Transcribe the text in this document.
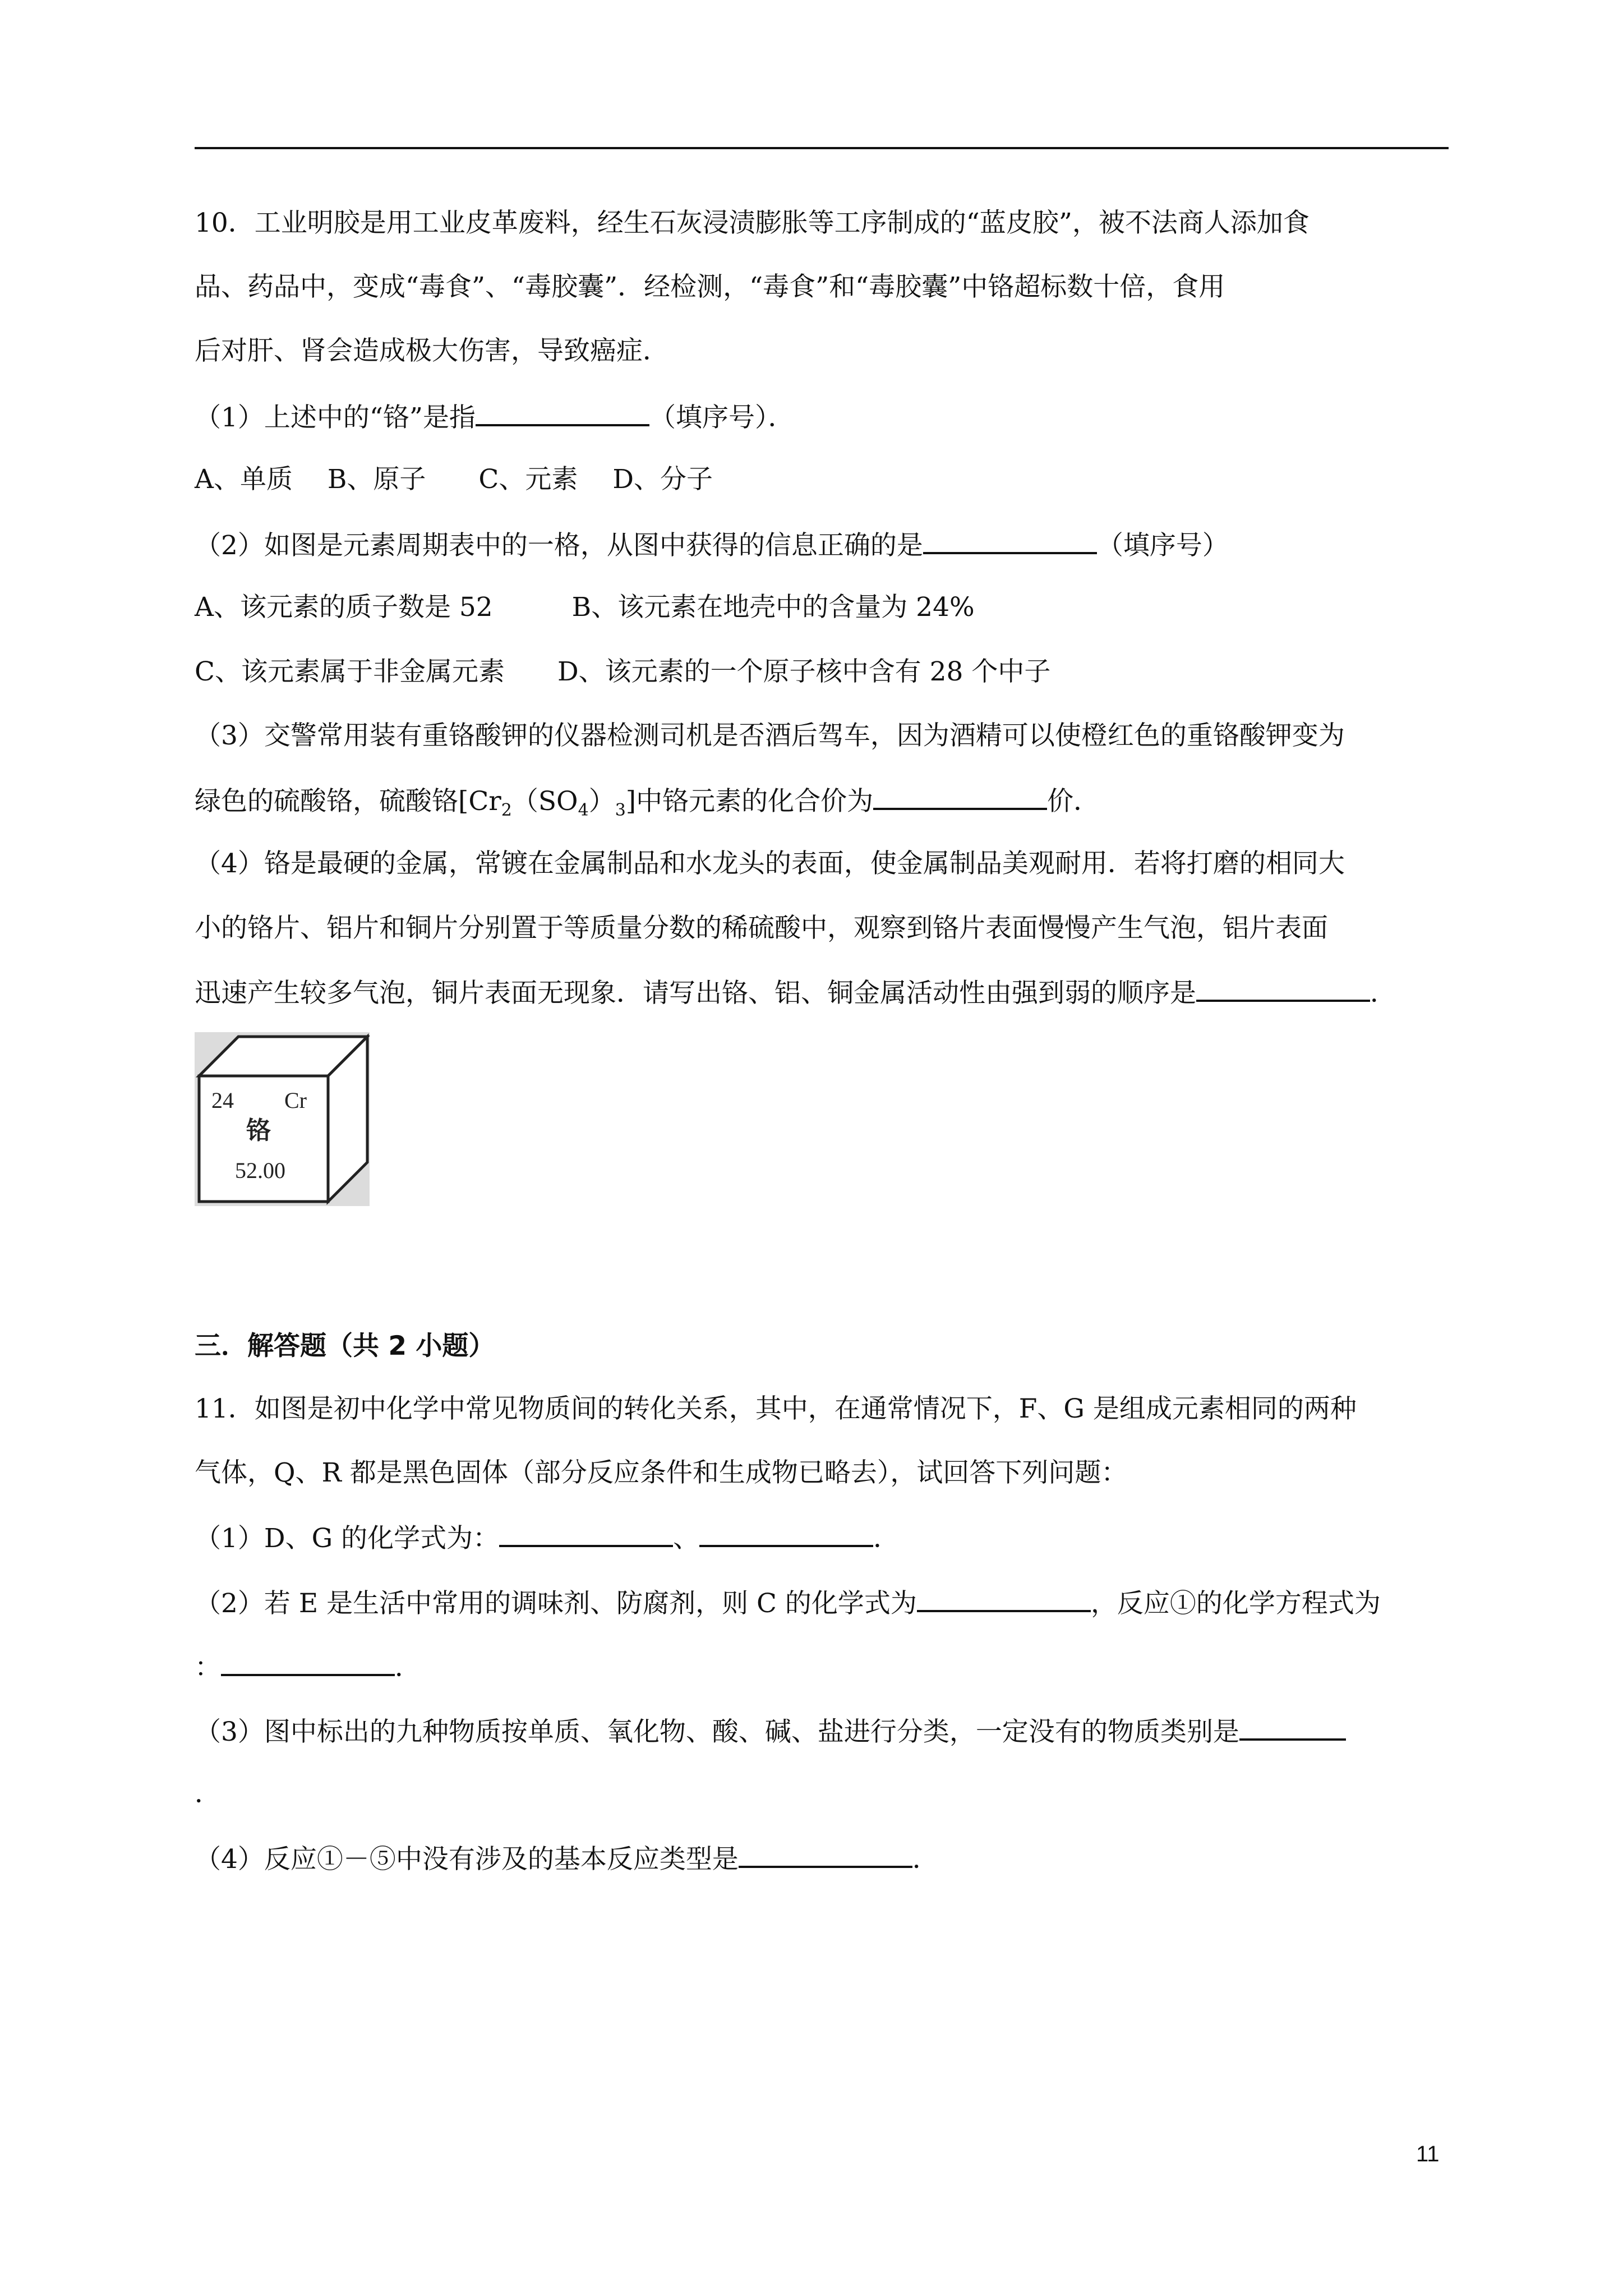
10．工业明胶是用工业皮革废料，经生石灰浸渍膨胀等工序制成的“蓝皮胶”，被不法商人添加食
品、药品中，变成“毒食”、“毒胶囊”．经检测，“毒食”和“毒胶囊”中铬超标数十倍，食用
后对肝、肾会造成极大伤害，导致癌症．
（1）上述中的“铬”是指	（填序号）．
A、单质　 B、原子　　C、元素　 D、分子
（2）如图是元素周期表中的一格，从图中获得的信息正确的是	（填序号）
A、该元素的质子数是 52　　　B、该元素在地壳中的含量为 24%
C、该元素属于非金属元素　　D、该元素的一个原子核中含有 28 个中子
（3）交警常用装有重铬酸钾的仪器检测司机是否酒后驾车，因为酒精可以使橙红色的重铬酸钾变为
绿色的硫酸铬，硫酸铬$[Cr_2(SO_4)_3]$中铬元素的化合价为	价．
（4）铬是最硬的金属，常镀在金属制品和水龙头的表面，使金属制品美观耐用．若将打磨的相同大
小的铬片、铝片和铜片分别置于等质量分数的稀硫酸中，观察到铬片表面慢慢产生气泡，铝片表面
迅速产生较多气泡，铜片表面无现象．请写出铬、铝、铜金属活动性由强到弱的顺序是	．
24 Cr
铬
52.00
三．解答题（共 2 小题）
11．如图是初中化学中常见物质间的转化关系，其中，在通常情况下，F、G 是组成元素相同的两种
气体，Q、R 都是黑色固体（部分反应条件和生成物已略去），试回答下列问题：
（1）D、G 的化学式为：	、	．
（2）若 E 是生活中常用的调味剂、防腐剂，则 C 的化学式为	，反应①的化学方程式为
：	．
（3）图中标出的九种物质按单质、氧化物、酸、碱、盐进行分类，一定没有的物质类别是
．
（4）反应①－⑤中没有涉及的基本反应类型是	．
11
